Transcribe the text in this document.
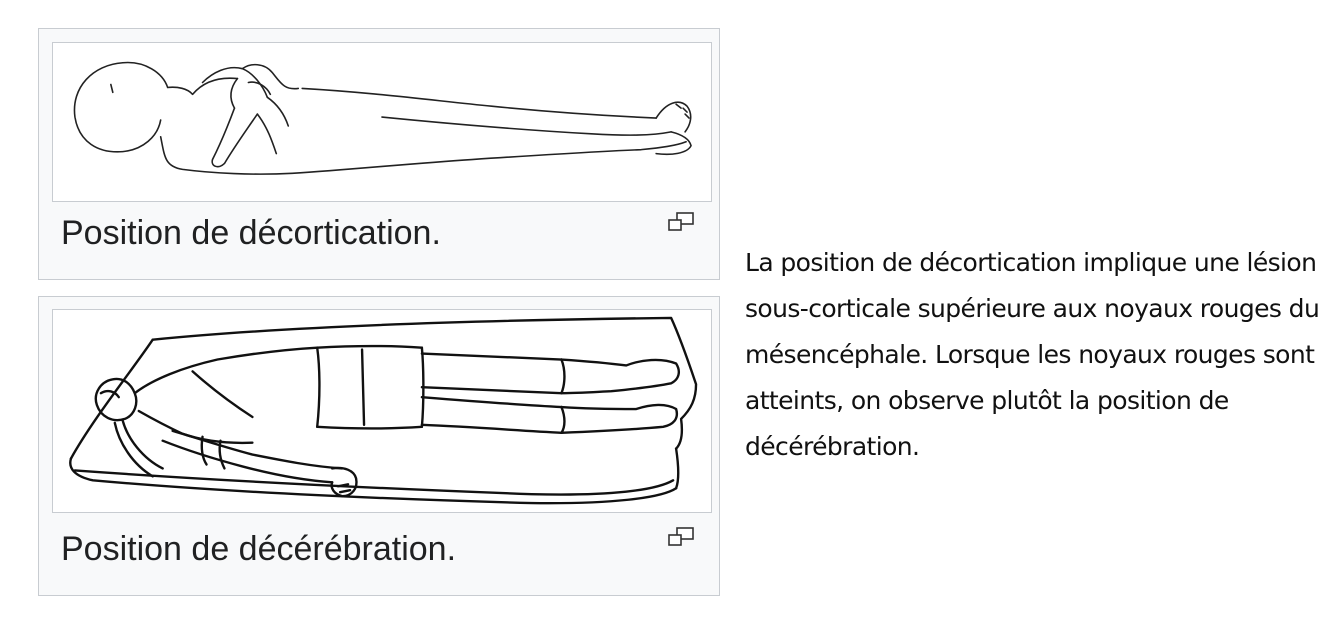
Position de décortication.
Position de décérébration.

La position de décortication implique une lésion sous-corticale supérieure aux noyaux rouges du mésencéphale. Lorsque les noyaux rouges sont atteints, on observe plutôt la position de décérébration.
